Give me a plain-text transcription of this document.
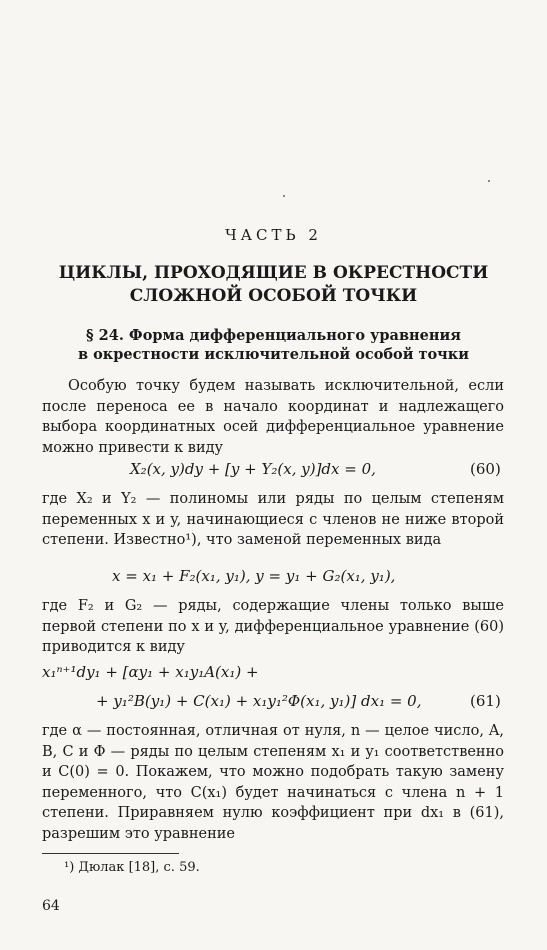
ЧАСТЬ 2
ЦИКЛЫ, ПРОХОДЯЩИЕ В ОКРЕСТНОСТИ
СЛОЖНОЙ ОСОБОЙ ТОЧКИ
§ 24. Форма дифференциального уравнения
в окрестности исключительной особой точки
Особую точку будем называть исключительной, если после переноса ее в начало координат и надлежащего выбора координатных осей дифференциальное уравнение можно привести к виду
X₂(x, y)dy + [y + Y₂(x, y)]dx = 0,	(60)
где X₂ и Y₂ — полиномы или ряды по целым степеням переменных x и y, начинающиеся с членов не ниже второй степени. Известно¹), что заменой переменных вида
x = x₁ + F₂(x₁, y₁), y = y₁ + G₂(x₁, y₁),
где F₂ и G₂ — ряды, содержащие члены только выше первой степени по x и y, дифференциальное уравнение (60) приводится к виду
x₁ⁿ⁺¹dy₁ + [αy₁ + x₁y₁A(x₁) +
+ y₁²B(y₁) + C(x₁) + x₁y₁²Φ(x₁, y₁)] dx₁ = 0,	(61)
где α — постоянная, отличная от нуля, n — целое число, A, B, C и Φ — ряды по целым степеням x₁ и y₁ соответственно и C(0) = 0. Покажем, что можно подобрать такую замену переменного, что C(x₁) будет начинаться с члена n + 1 степени. Приравняем нулю коэффициент при dx₁ в (61), разрешим это уравнение
¹) Дюлак [18], с. 59.
64
